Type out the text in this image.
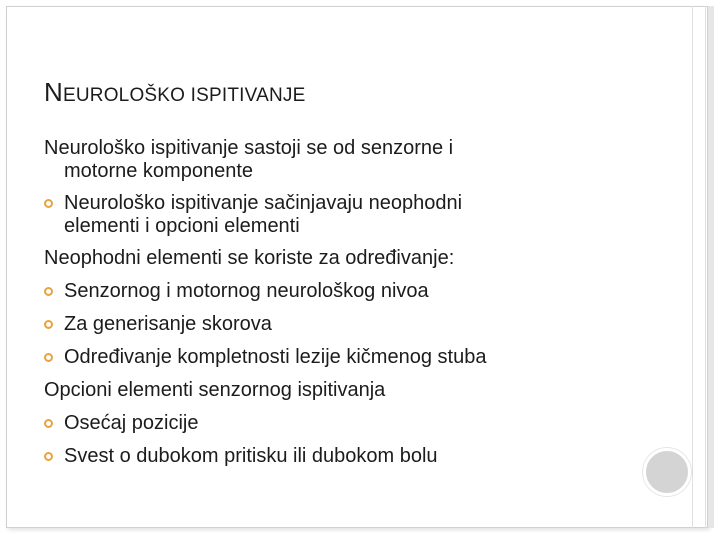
NEUROLOŠKO ISPITIVANJE
Neurološko ispitivanje sastoji se od senzorne i
motorne komponente
Neurološko ispitivanje sačinjavaju neophodni
elementi i opcioni elementi
Neophodni elementi se koriste za određivanje:
Senzornog i motornog neurološkog nivoa
Za generisanje skorova
Određivanje kompletnosti lezije kičmenog stuba
Opcioni elementi senzornog ispitivanja
Osećaj pozicije
Svest o dubokom pritisku ili dubokom bolu
